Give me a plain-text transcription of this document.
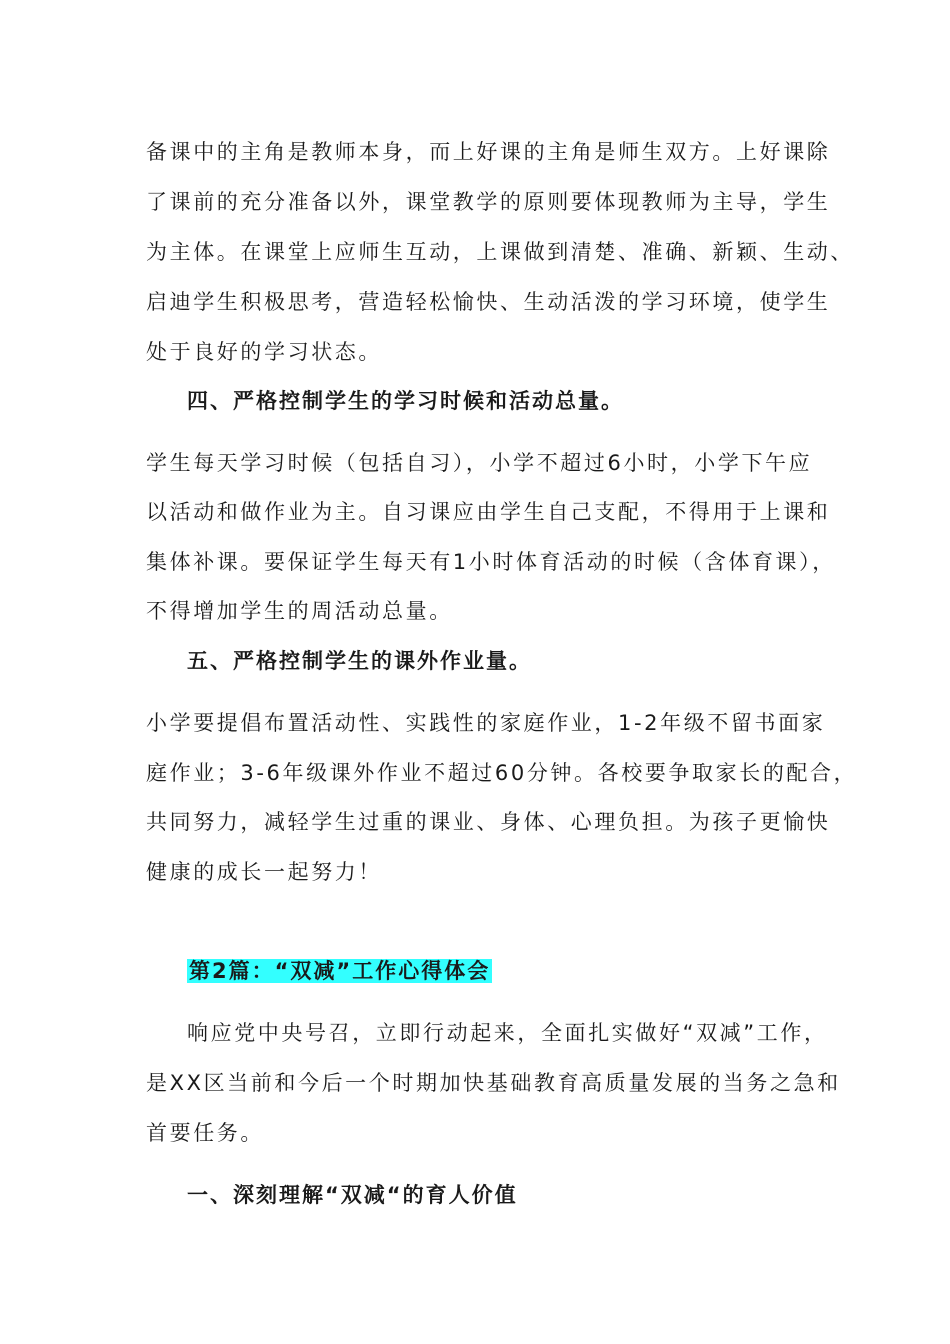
备课中的主角是教师本身，而上好课的主角是师生双方。上好课除
了课前的充分准备以外，课堂教学的原则要体现教师为主导，学生
为主体。在课堂上应师生互动，上课做到清楚、准确、新颖、生动、
启迪学生积极思考，营造轻松愉快、生动活泼的学习环境，使学生
处于良好的学习状态。
四、严格控制学生的学习时候和活动总量。
学生每天学习时候（包括自习），小学不超过6小时，小学下午应
以活动和做作业为主。自习课应由学生自己支配，不得用于上课和
集体补课。要保证学生每天有1小时体育活动的时候（含体育课），
不得增加学生的周活动总量。
五、严格控制学生的课外作业量。
小学要提倡布置活动性、实践性的家庭作业，1-2年级不留书面家
庭作业；3-6年级课外作业不超过60分钟。各校要争取家长的配合，
共同努力，减轻学生过重的课业、身体、心理负担。为孩子更愉快
健康的成长一起努力！
第2篇：“双减”工作心得体会
响应党中央号召，立即行动起来，全面扎实做好“双减”工作，
是XX区当前和今后一个时期加快基础教育高质量发展的当务之急和
首要任务。
一、深刻理解“双减“的育人价值
